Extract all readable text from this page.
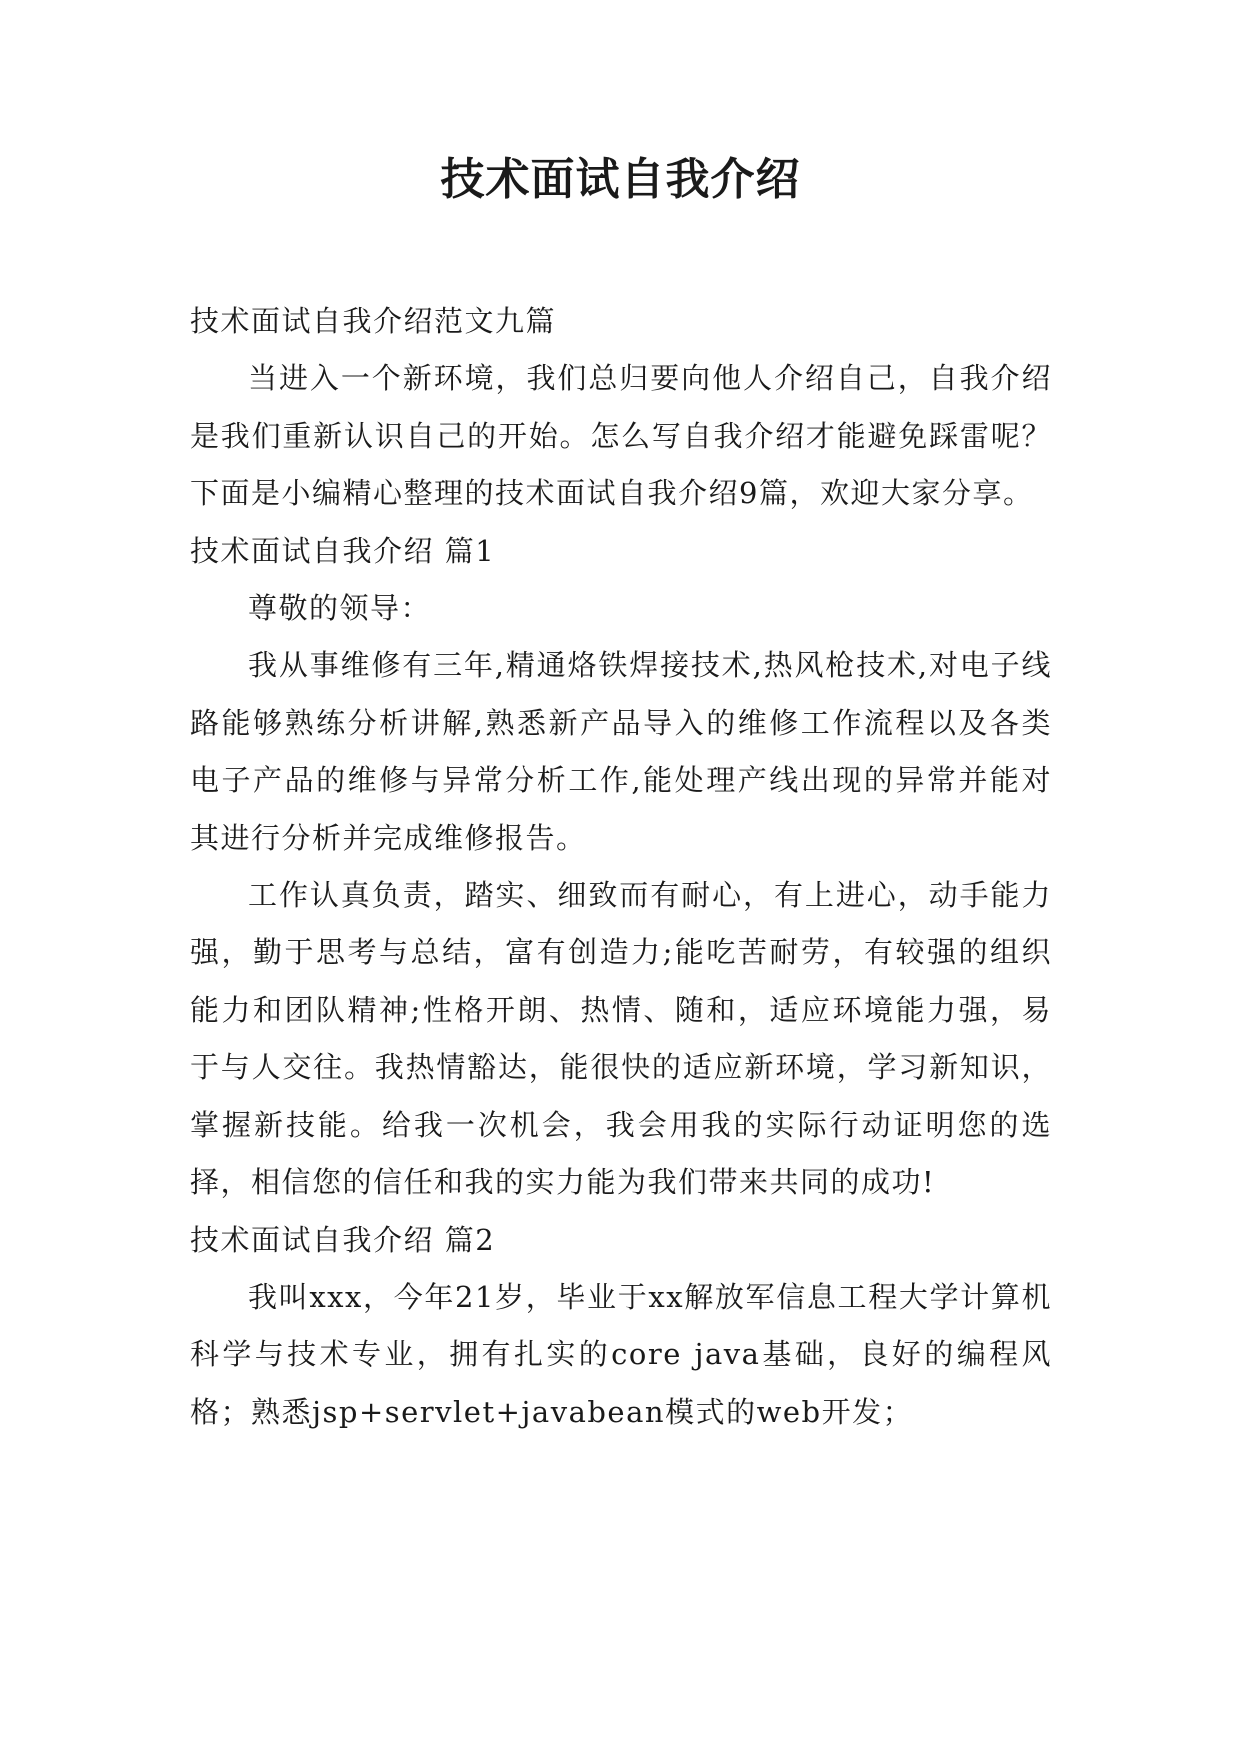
技术面试自我介绍

技术面试自我介绍范文九篇

当进入一个新环境，我们总归要向他人介绍自己，自我介绍是我们重新认识自己的开始。怎么写自我介绍才能避免踩雷呢？下面是小编精心整理的技术面试自我介绍9篇，欢迎大家分享。

技术面试自我介绍 篇1

尊敬的领导：

我从事维修有三年,精通烙铁焊接技术,热风枪技术,对电子线路能够熟练分析讲解,熟悉新产品导入的维修工作流程以及各类电子产品的维修与异常分析工作,能处理产线出现的异常并能对其进行分析并完成维修报告。

工作认真负责，踏实、细致而有耐心，有上进心，动手能力强，勤于思考与总结，富有创造力;能吃苦耐劳，有较强的组织能力和团队精神;性格开朗、热情、随和，适应环境能力强，易于与人交往。我热情豁达，能很快的适应新环境，学习新知识，掌握新技能。给我一次机会，我会用我的实际行动证明您的选择，相信您的信任和我的实力能为我们带来共同的成功!

技术面试自我介绍 篇2

我叫xxx，今年21岁，毕业于xx解放军信息工程大学计算机科学与技术专业，拥有扎实的core java基础，良好的编程风格；熟悉jsp+servlet+javabean模式的web开发；
